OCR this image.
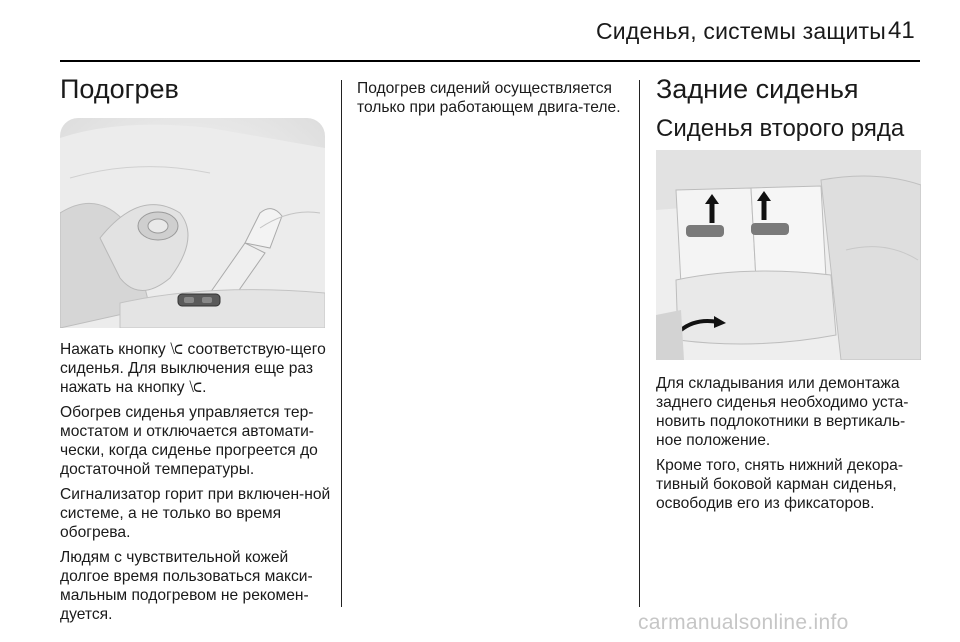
Сиденья, системы защиты 41
Подогрев

Нажать кнопку ⟈ соответствую-щего сиденья. Для выключения еще раз нажать на кнопку ⟈.

Обогрев сиденья управляется тер-мостатом и отключается автомати-чески, когда сиденье прогреется до достаточной температуры.

Сигнализатор горит при включен-ной системе, а не только во время обогрева.

Людям с чувствительной кожей долгое время пользоваться макси-мальным подогревом не рекомен-дуется.

Подогрев сидений осуществляется только при работающем двига-теле.

Задние сиденья
Сиденья второго ряда

Для складывания или демонтажа заднего сиденья необходимо уста-новить подлокотники в вертикаль-ное положение.

Кроме того, снять нижний декора-тивный боковой карман сиденья, освободив его из фиксаторов.

carmanualsonline.info
